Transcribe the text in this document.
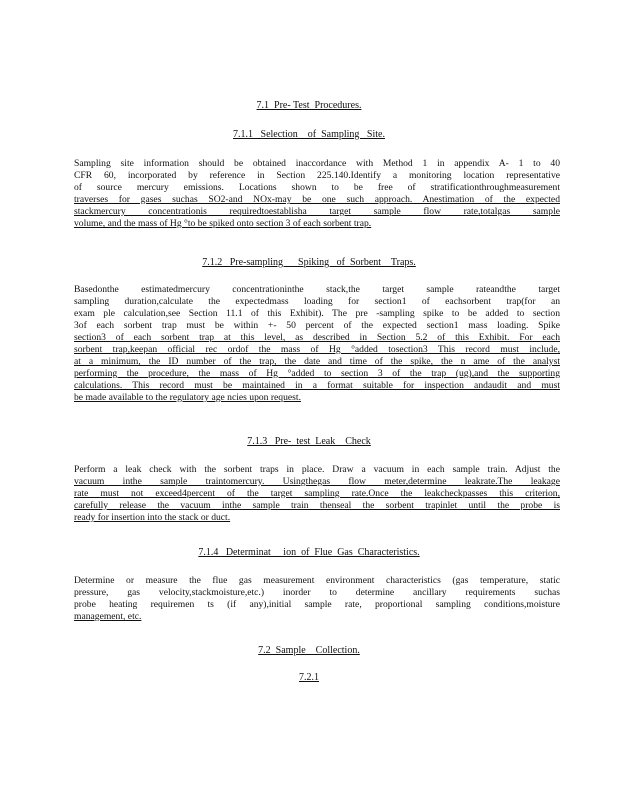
7.1  Pre- Test  Procedures.
7.1.1   Selection    of  Sampling   Site.
Sampling site information should be obtained inaccordance with Method 1 in appendix A- 1 to 40
CFR 60, incorporated by reference in Section 225.140.Identify a monitoring location representative
of source mercury emissions. Locations shown to be free of stratificationthroughmeasurement
traverses for gases suchas SO2-and NOx-may be one such approach. Anestimation of the expected
stackmercury concentrationis requiredtoestablisha target sample flow rate,totalgas sample
volume, and the mass of Hg °to be spiked onto section 3 of each sorbent trap.
7.1.2   Pre-sampling      Spiking   of  Sorbent    Traps.
Basedonthe estimatedmercury concentrationinthe stack,the target sample rateandthe target
sampling duration,calculate the expectedmass loading for section1 of eachsorbent trap(for an
exam ple calculation,see Section 11.1 of this Exhibit). The pre -sampling spike to be added to section
3of each sorbent trap must be within +- 50 percent of the expected section1 mass loading. Spike
section3 of each sorbent trap at this level, as described in Section 5.2 of this Exhibit. For each
sorbent trap,keepan official rec ordof the mass of Hg °added tosection3 This record must include,
at a minimum, the ID number of the trap, the date and time of the spike, the n ame of the analyst
performing the procedure, the mass of Hg °added to section 3 of the trap (ug),and the supporting
calculations. This record must be maintained in a format suitable for inspection andaudit and must
be made available to the regulatory age ncies upon request.
7.1.3   Pre-  test  Leak    Check
Perform a leak check with the sorbent traps in place. Draw a vacuum in each sample train. Adjust the
vacuum inthe sample traintomercury. Usingthegas flow meter,determine leakrate.The leakage
rate must not exceed4percent of the target sampling rate.Once the leakcheckpasses this criterion,
carefully release the vacuum inthe sample train thenseal the sorbent trapinlet until the probe is
ready for insertion into the stack or duct.
7.1.4   Determinat     ion  of  Flue  Gas  Characteristics.
Determine or measure the flue gas measurement environment characteristics (gas temperature, static
pressure, gas velocity,stackmoisture,etc.) inorder to determine ancillary requirements suchas
probe heating requiremen ts (if any),initial sample rate, proportional sampling conditions,moisture
management, etc.
7.2  Sample    Collection.
7.2.1
